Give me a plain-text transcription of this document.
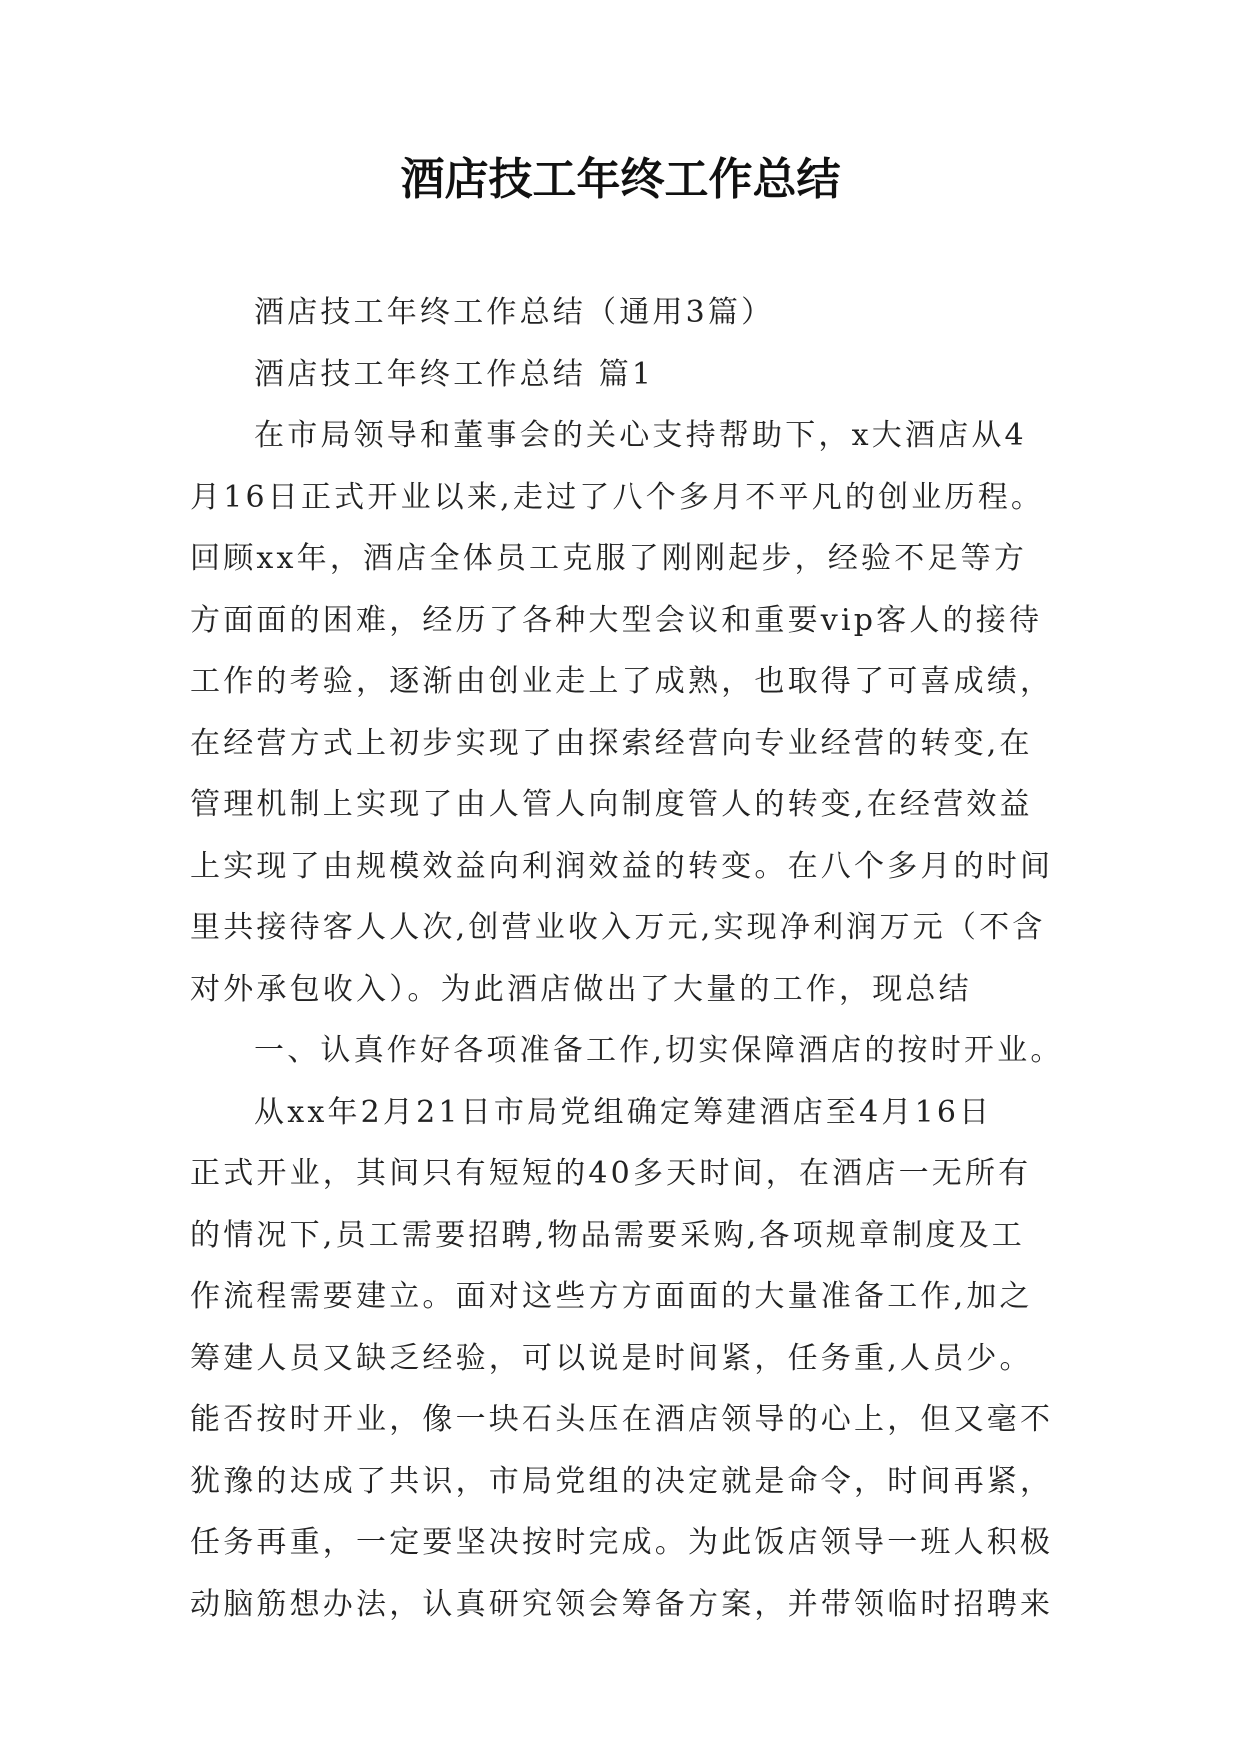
酒店技工年终工作总结
酒店技工年终工作总结（通用3篇）
酒店技工年终工作总结 篇1
在市局领导和董事会的关心支持帮助下，x大酒店从4
月16日正式开业以来,走过了八个多月不平凡的创业历程。
回顾xx年，酒店全体员工克服了刚刚起步，经验不足等方
方面面的困难，经历了各种大型会议和重要vip客人的接待
工作的考验，逐渐由创业走上了成熟，也取得了可喜成绩，
在经营方式上初步实现了由探索经营向专业经营的转变,在
管理机制上实现了由人管人向制度管人的转变,在经营效益
上实现了由规模效益向利润效益的转变。在八个多月的时间
里共接待客人人次,创营业收入万元,实现净利润万元（不含
对外承包收入）。为此酒店做出了大量的工作，现总结
一、认真作好各项准备工作,切实保障酒店的按时开业。
从xx年2月21日市局党组确定筹建酒店至4月16日
正式开业，其间只有短短的40多天时间，在酒店一无所有
的情况下,员工需要招聘,物品需要采购,各项规章制度及工
作流程需要建立。面对这些方方面面的大量准备工作,加之
筹建人员又缺乏经验，可以说是时间紧，任务重,人员少。
能否按时开业，像一块石头压在酒店领导的心上，但又毫不
犹豫的达成了共识，市局党组的决定就是命令，时间再紧，
任务再重，一定要坚决按时完成。为此饭店领导一班人积极
动脑筋想办法，认真研究领会筹备方案，并带领临时招聘来
